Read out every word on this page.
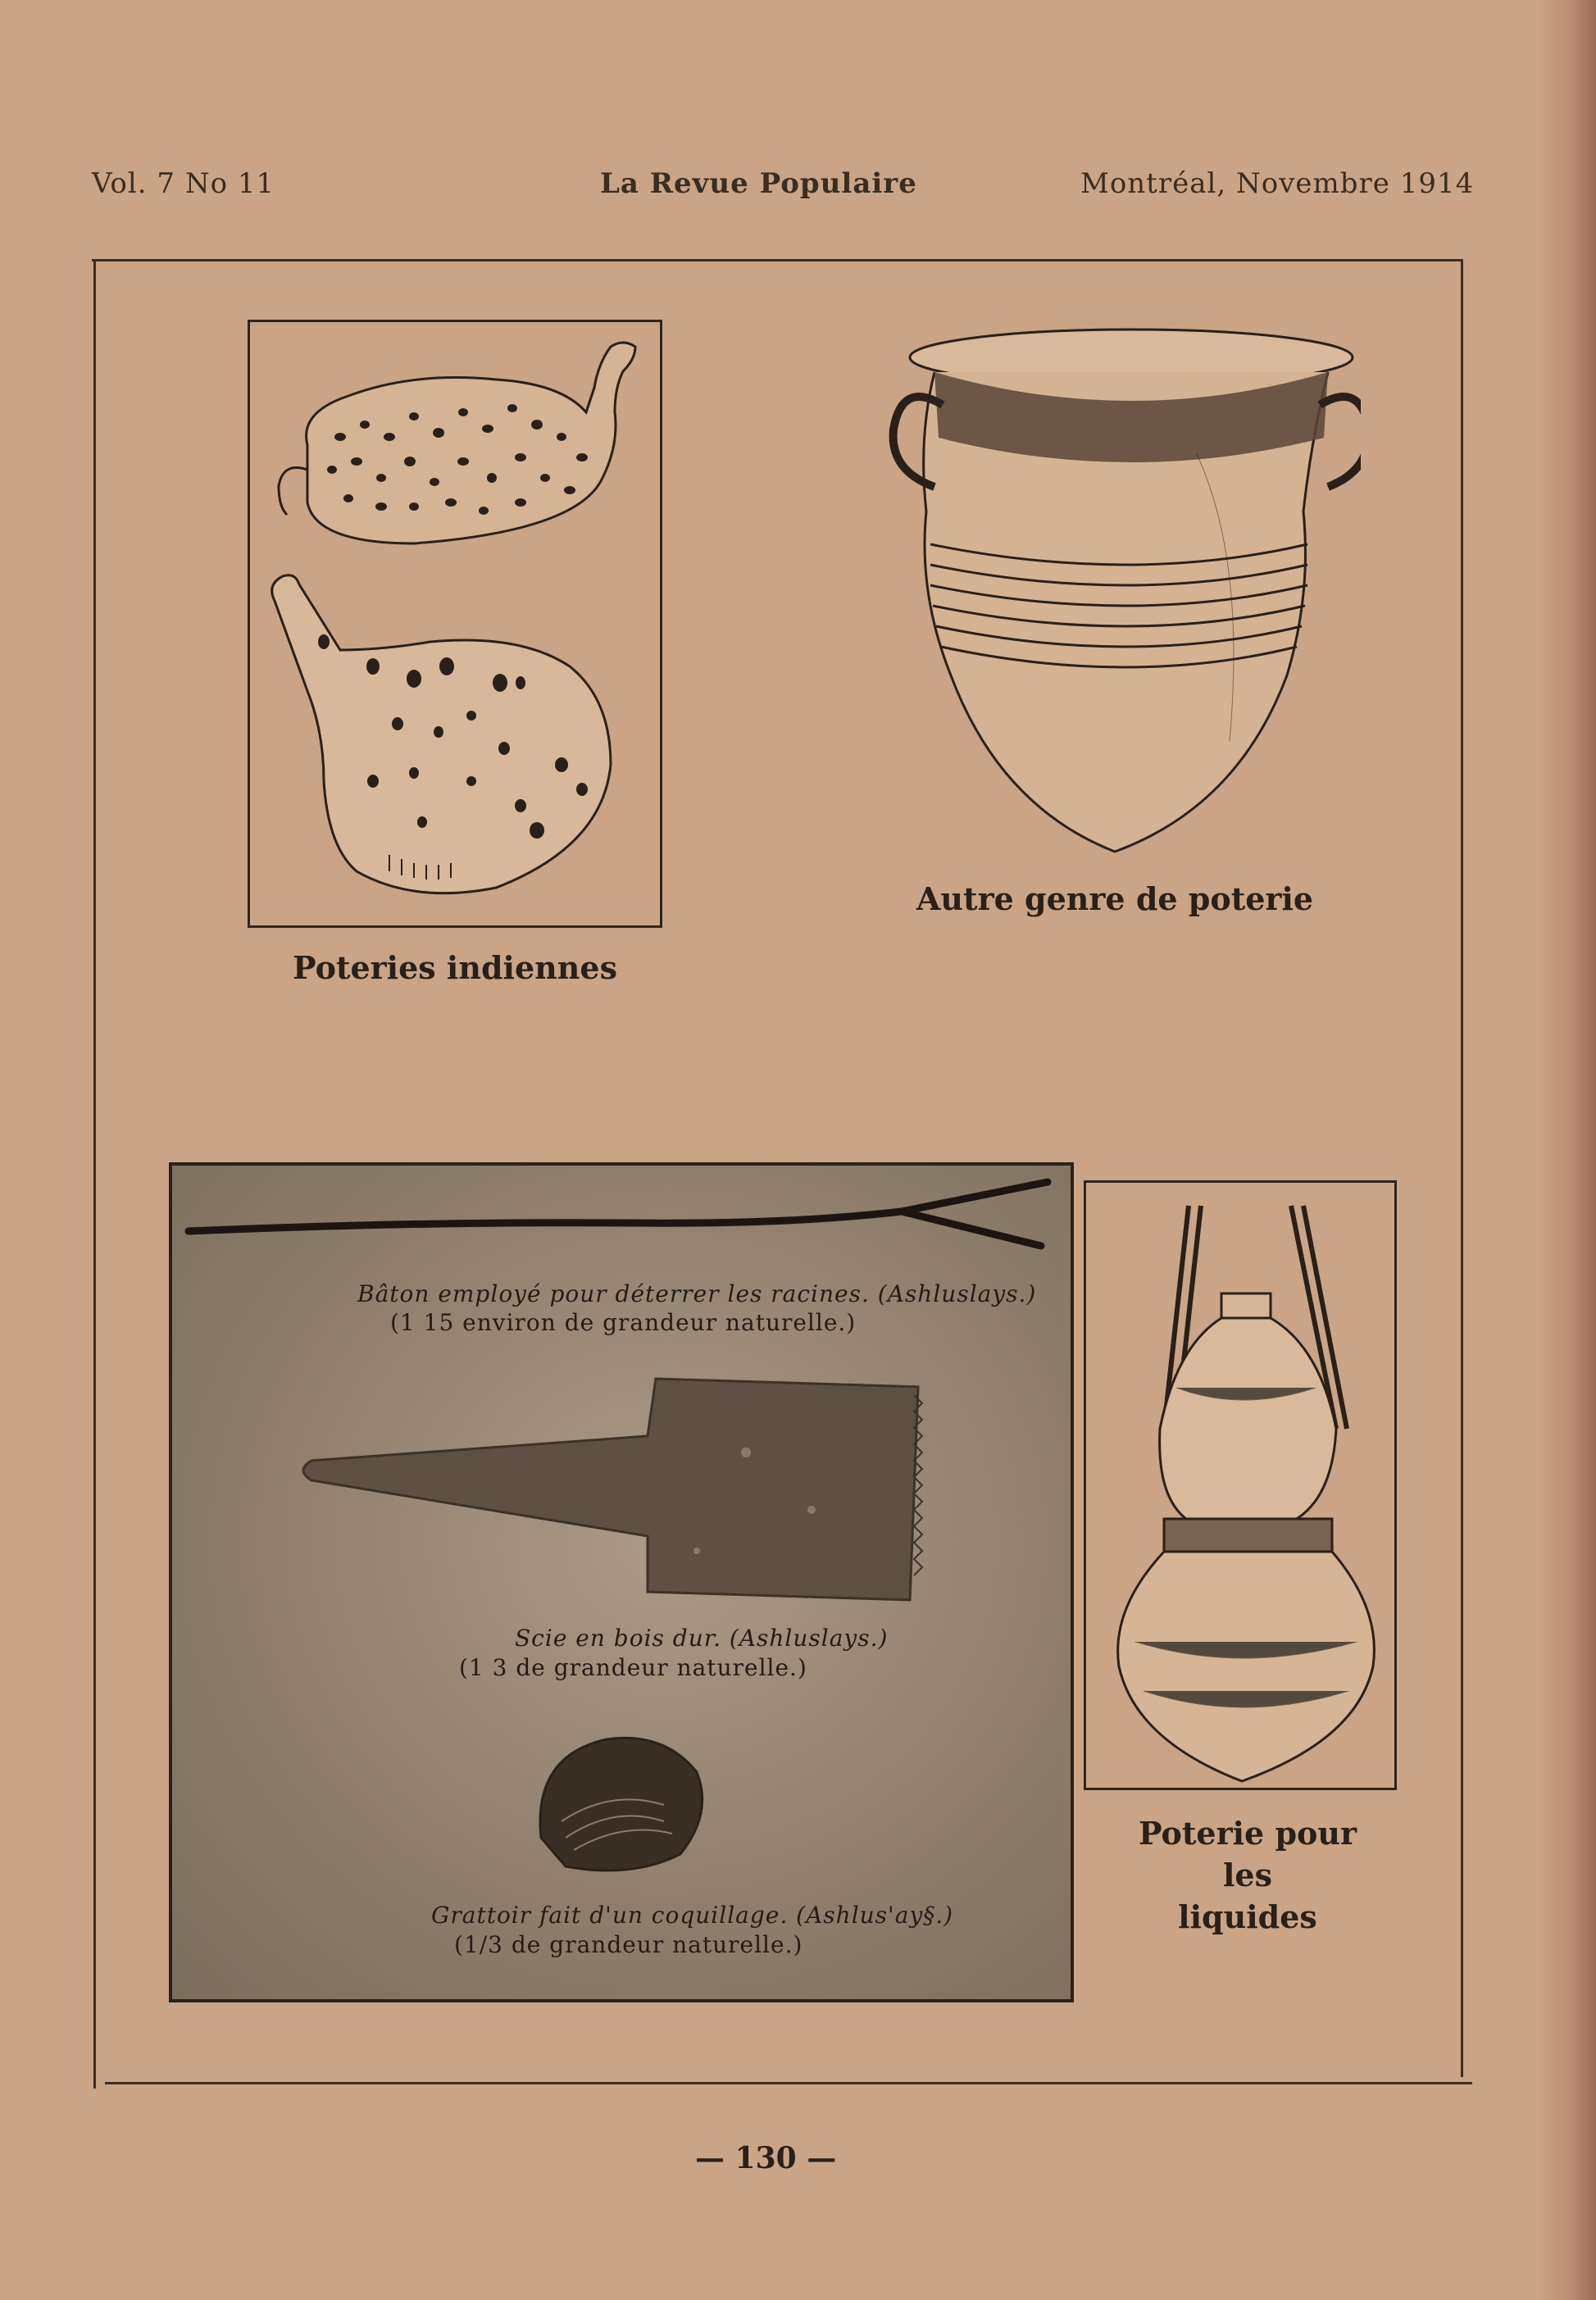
Vol. 7 No 11	La Revue Populaire	Montréal, Novembre 1914
Poteries indiennes
Autre genre de poterie
Bâton employé pour déterrer les racines. (Ashluslays.)
(1 15 environ de grandeur naturelle.)
Scie en bois dur. (Ashluslays.)
(1 3 de grandeur naturelle.)
Grattoir fait d'un coquillage. (Ashlus'ay§.)
(1/3 de grandeur naturelle.)
Poterie pour
les
liquides
— 130 —
